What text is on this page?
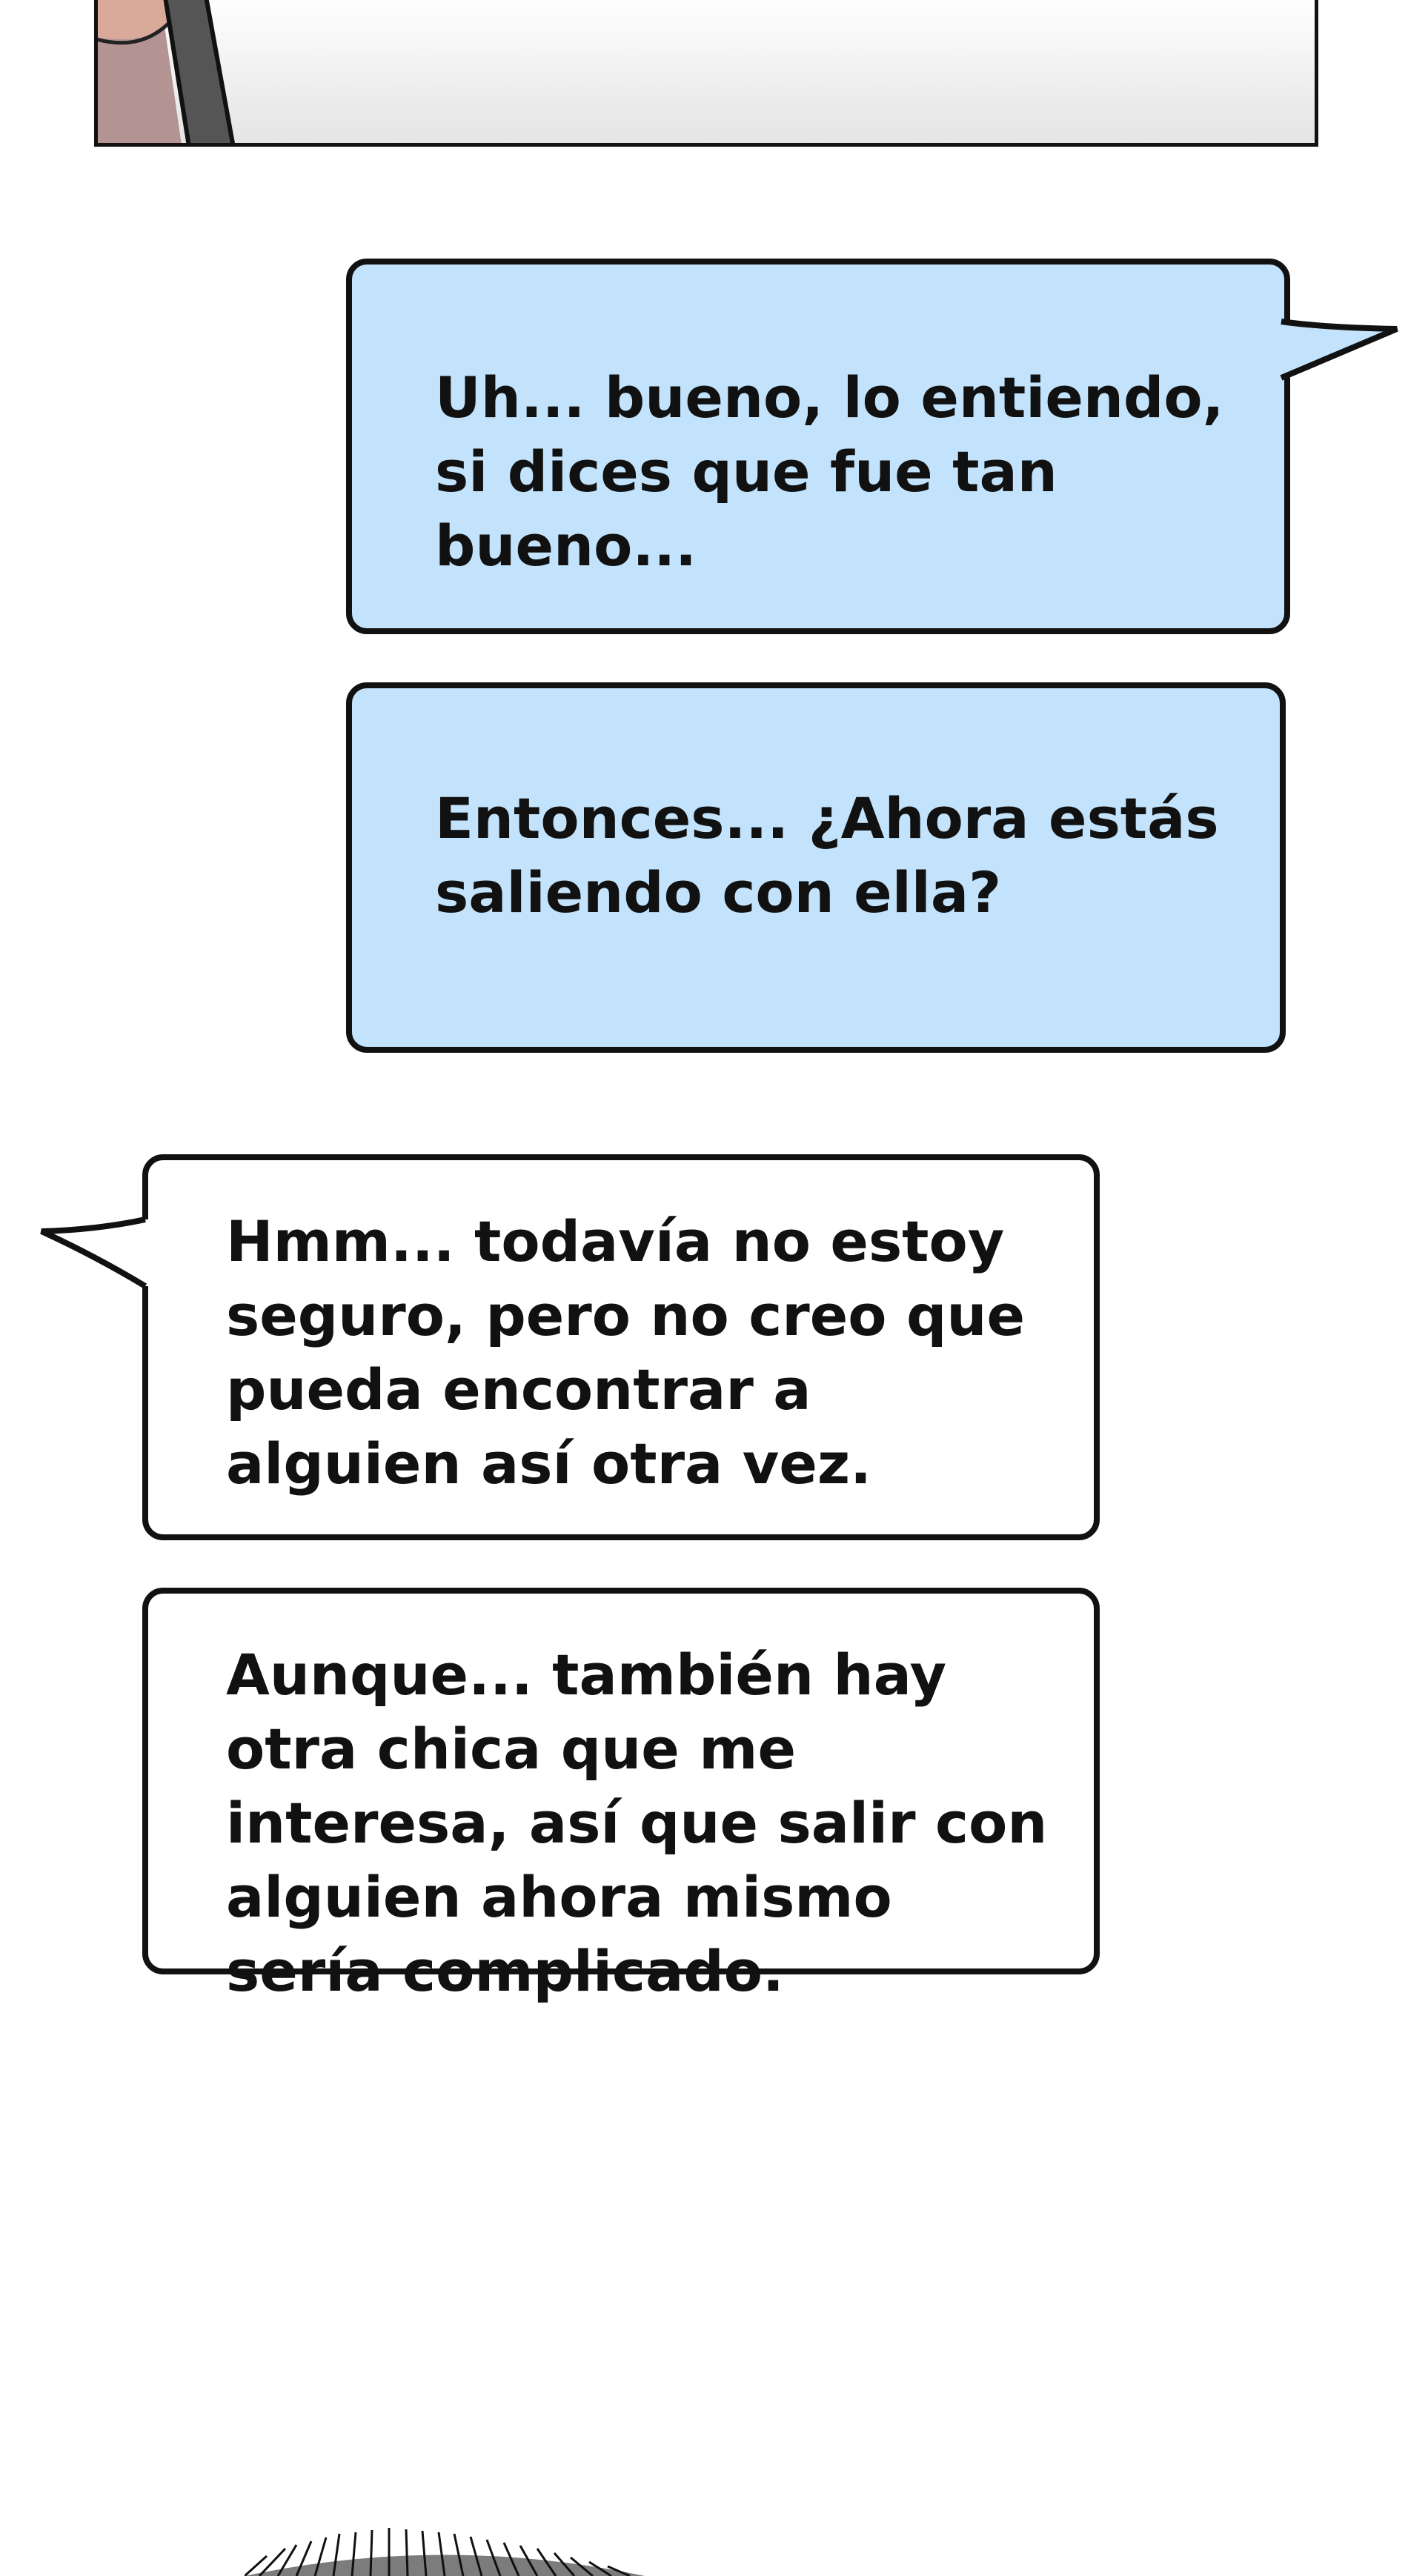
Uh... bueno, lo entiendo, si dices que fue tan bueno...

Entonces... ¿Ahora estás saliendo con ella?

Hmm... todavía no estoy seguro, pero no creo que pueda encontrar a alguien así otra vez.

Aunque... también hay otra chica que me interesa, así que salir con alguien ahora mismo sería complicado.
